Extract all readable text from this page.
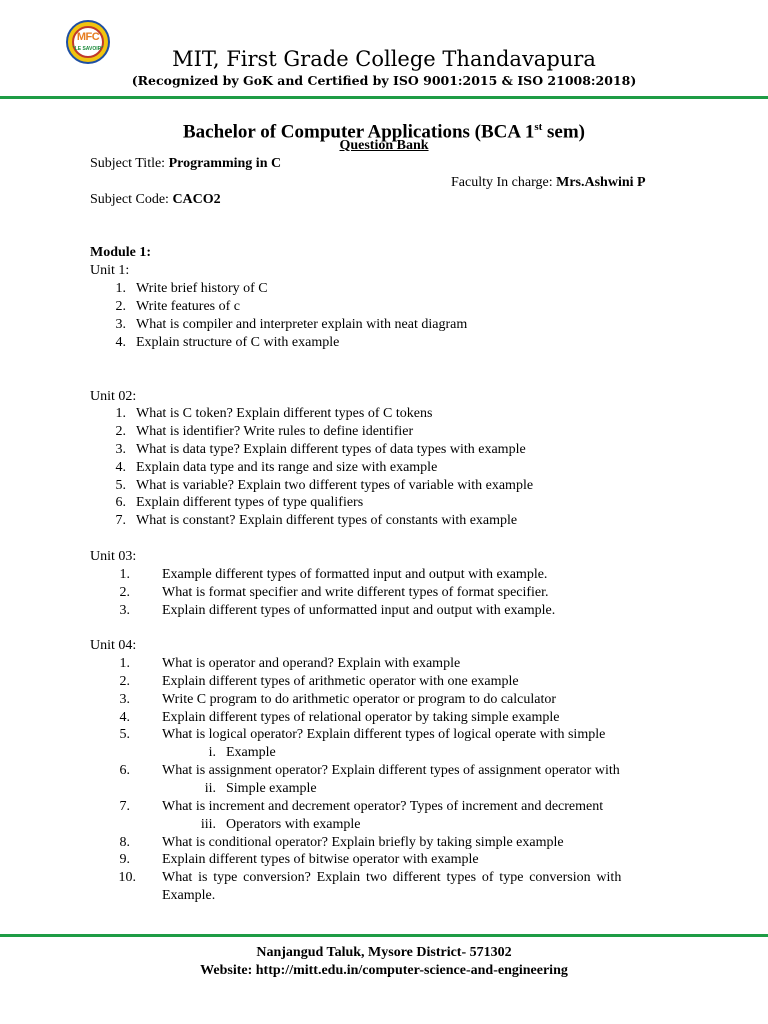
MFC
"LE SAVOIR"	MIT, First Grade College Thandavapura
(Recognized by GoK and Certified by ISO 9001:2015 & ISO 21008:2018)
Bachelor of Computer Applications (BCA 1st sem)
Question Bank
Subject Title: Programming in C
Faculty In charge: Mrs.Ashwini P
Subject Code: CACO2
Module 1:
Unit 1:
1. Write brief history of C
2. Write features of c
3. What is compiler and interpreter explain with neat diagram
4. Explain structure of C with example
Unit 02:
1. What is C token? Explain different types of C tokens
2. What is identifier? Write rules to define identifier
3. What is data type? Explain different types of data types with example
4. Explain data type and its range and size with example
5. What is variable? Explain two different types of variable with example
6. Explain different types of type qualifiers
7. What is constant? Explain different types of constants with example
Unit 03:
1. Example different types of formatted input and output with example.
2. What is format specifier and write different types of format specifier.
3. Explain different types of unformatted input and output with example.
Unit 04:
1. What is operator and operand? Explain with example
2. Explain different types of arithmetic operator with one example
3. Write C program to do arithmetic operator or program to do calculator
4. Explain different types of relational operator by taking simple example
5. What is logical operator? Explain different types of logical operate with simple
i. Example
6. What is assignment operator? Explain different types of assignment operator with
ii. Simple example
7. What is increment and decrement operator? Types of increment and decrement
iii. Operators with example
8. What is conditional operator? Explain briefly by taking simple example
9. Explain different types of bitwise operator with example
10. What is type conversion? Explain two different types of type conversion with
Example.
Nanjangud Taluk, Mysore District- 571302
Website: http://mitt.edu.in/computer-science-and-engineering
